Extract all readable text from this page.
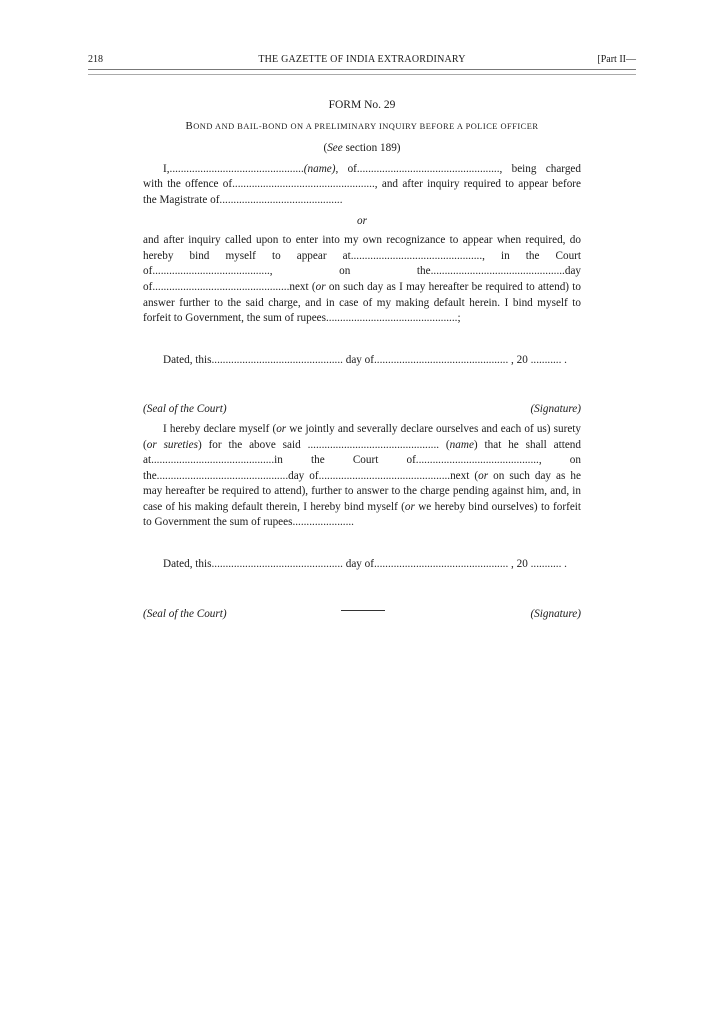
218	THE GAZETTE OF INDIA EXTRAORDINARY	[Part II—
FORM No. 29
BOND AND BAIL-BOND ON A PRELIMINARY INQUIRY BEFORE A POLICE OFFICER
(See section 189)

I,................................................(name), of..................................................., being charged with the offence of..................................................., and after inquiry required to appear before the Magistrate of............................................

or

and after inquiry called upon to enter into my own recognizance to appear when required, do hereby bind myself to appear at..............................................., in the Court of.........................................., on the................................................day of.................................................next (or on such day as I may hereafter be required to attend) to answer further to the said charge, and in case of my making default herein. I bind myself to forfeit to Government, the sum of rupees...............................................;

Dated, this............................................... day of................................................ , 20 ........... .
(Seal of the Court)	(Signature)

I hereby declare myself (or we jointly and severally declare ourselves and each of us) surety (or sureties) for the above said ............................................... (name) that he shall attend at............................................in the Court of............................................, on the...............................................day of...............................................next (or on such day as he may hereafter be required to attend), further to answer to the charge pending against him, and, in case of his making default therein, I hereby bind myself (or we hereby bind ourselves) to forfeit to Government the sum of rupees......................

Dated, this............................................... day of................................................ , 20 ........... .
(Seal of the Court)	(Signature)
